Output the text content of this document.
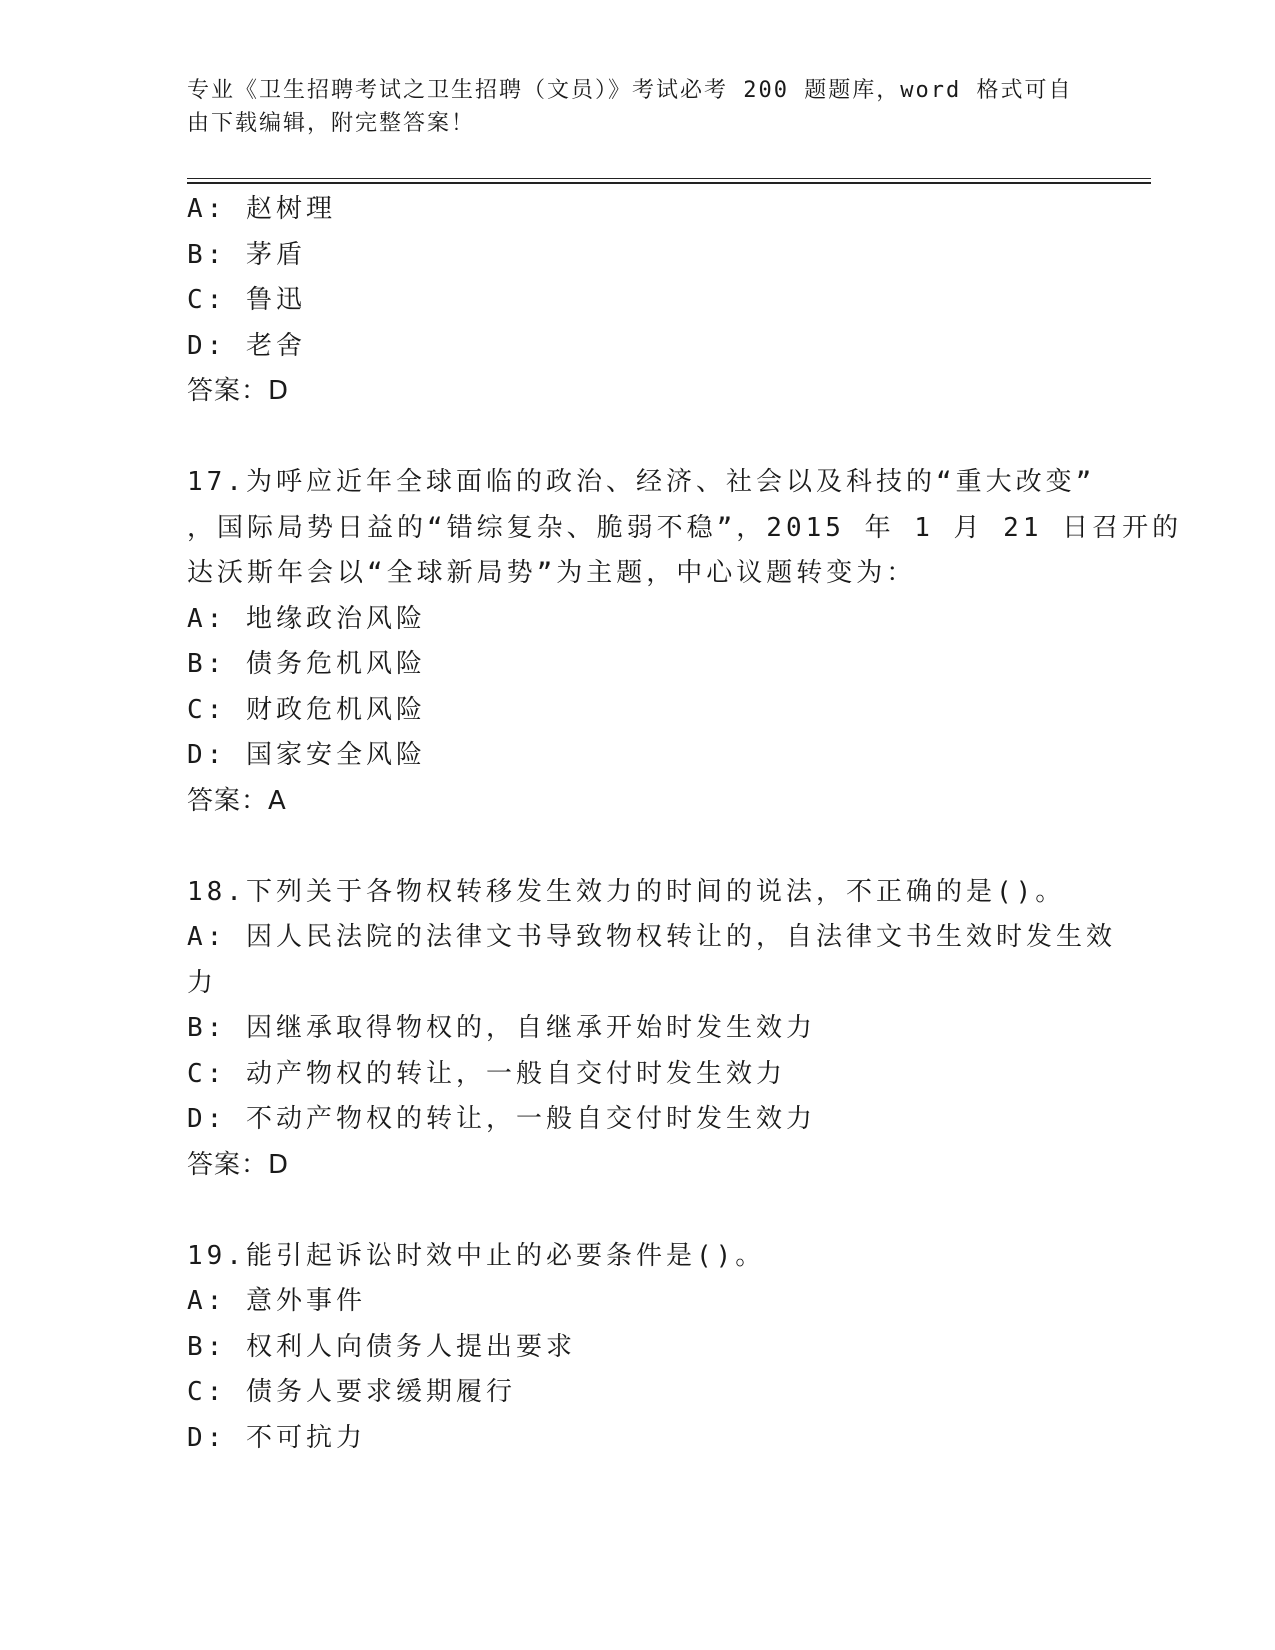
专业《卫生招聘考试之卫生招聘（文员）》考试必考 200 题题库，word 格式可自
由下载编辑，附完整答案！
A: 赵树理
B: 茅盾
C: 鲁迅
D: 老舍
答案：D
17.为呼应近年全球面临的政治、经济、社会以及科技的“重大改变”
，国际局势日益的“错综复杂、脆弱不稳”，2015 年 1 月 21 日召开的
达沃斯年会以“全球新局势”为主题，中心议题转变为：
A: 地缘政治风险
B: 债务危机风险
C: 财政危机风险
D: 国家安全风险
答案：A
18.下列关于各物权转移发生效力的时间的说法，不正确的是()。
A: 因人民法院的法律文书导致物权转让的，自法律文书生效时发生效
力
B: 因继承取得物权的，自继承开始时发生效力
C: 动产物权的转让，一般自交付时发生效力
D: 不动产物权的转让，一般自交付时发生效力
答案：D
19.能引起诉讼时效中止的必要条件是()。
A: 意外事件
B: 权利人向债务人提出要求
C: 债务人要求缓期履行
D: 不可抗力
